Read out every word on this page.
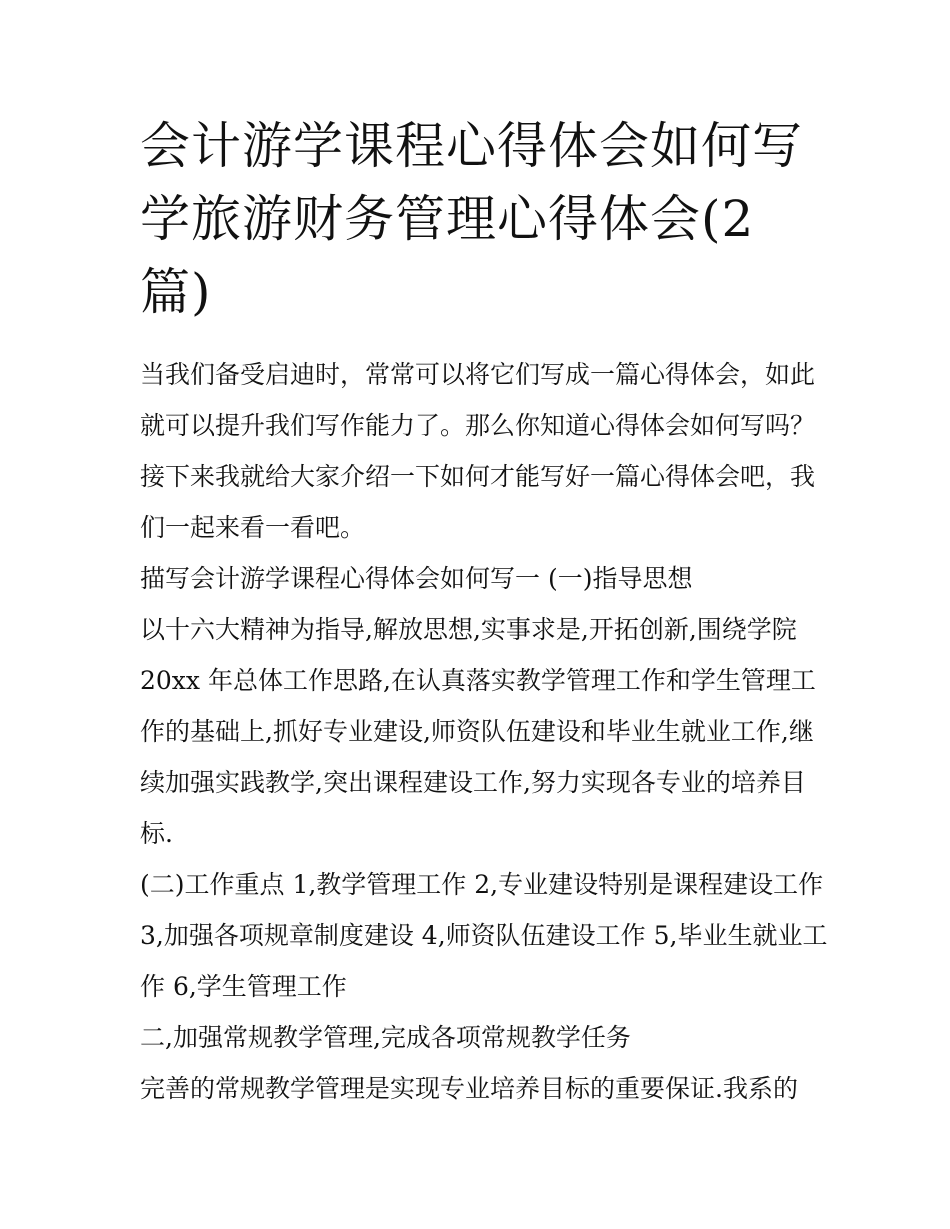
会计游学课程心得体会如何写
学旅游财务管理心得体会(2
篇)

当我们备受启迪时，常常可以将它们写成一篇心得体会，如此
就可以提升我们写作能力了。那么你知道心得体会如何写吗？
接下来我就给大家介绍一下如何才能写好一篇心得体会吧，我
们一起来看一看吧。

描写会计游学课程心得体会如何写一 (一)指导思想

以十六大精神为指导,解放思想,实事求是,开拓创新,围绕学院
20xx 年总体工作思路,在认真落实教学管理工作和学生管理工
作的基础上,抓好专业建设,师资队伍建设和毕业生就业工作,继
续加强实践教学,突出课程建设工作,努力实现各专业的培养目
标.

(二)工作重点 1,教学管理工作 2,专业建设特别是课程建设工作
3,加强各项规章制度建设 4,师资队伍建设工作 5,毕业生就业工
作 6,学生管理工作

二,加强常规教学管理,完成各项常规教学任务

完善的常规教学管理是实现专业培养目标的重要保证.我系的
